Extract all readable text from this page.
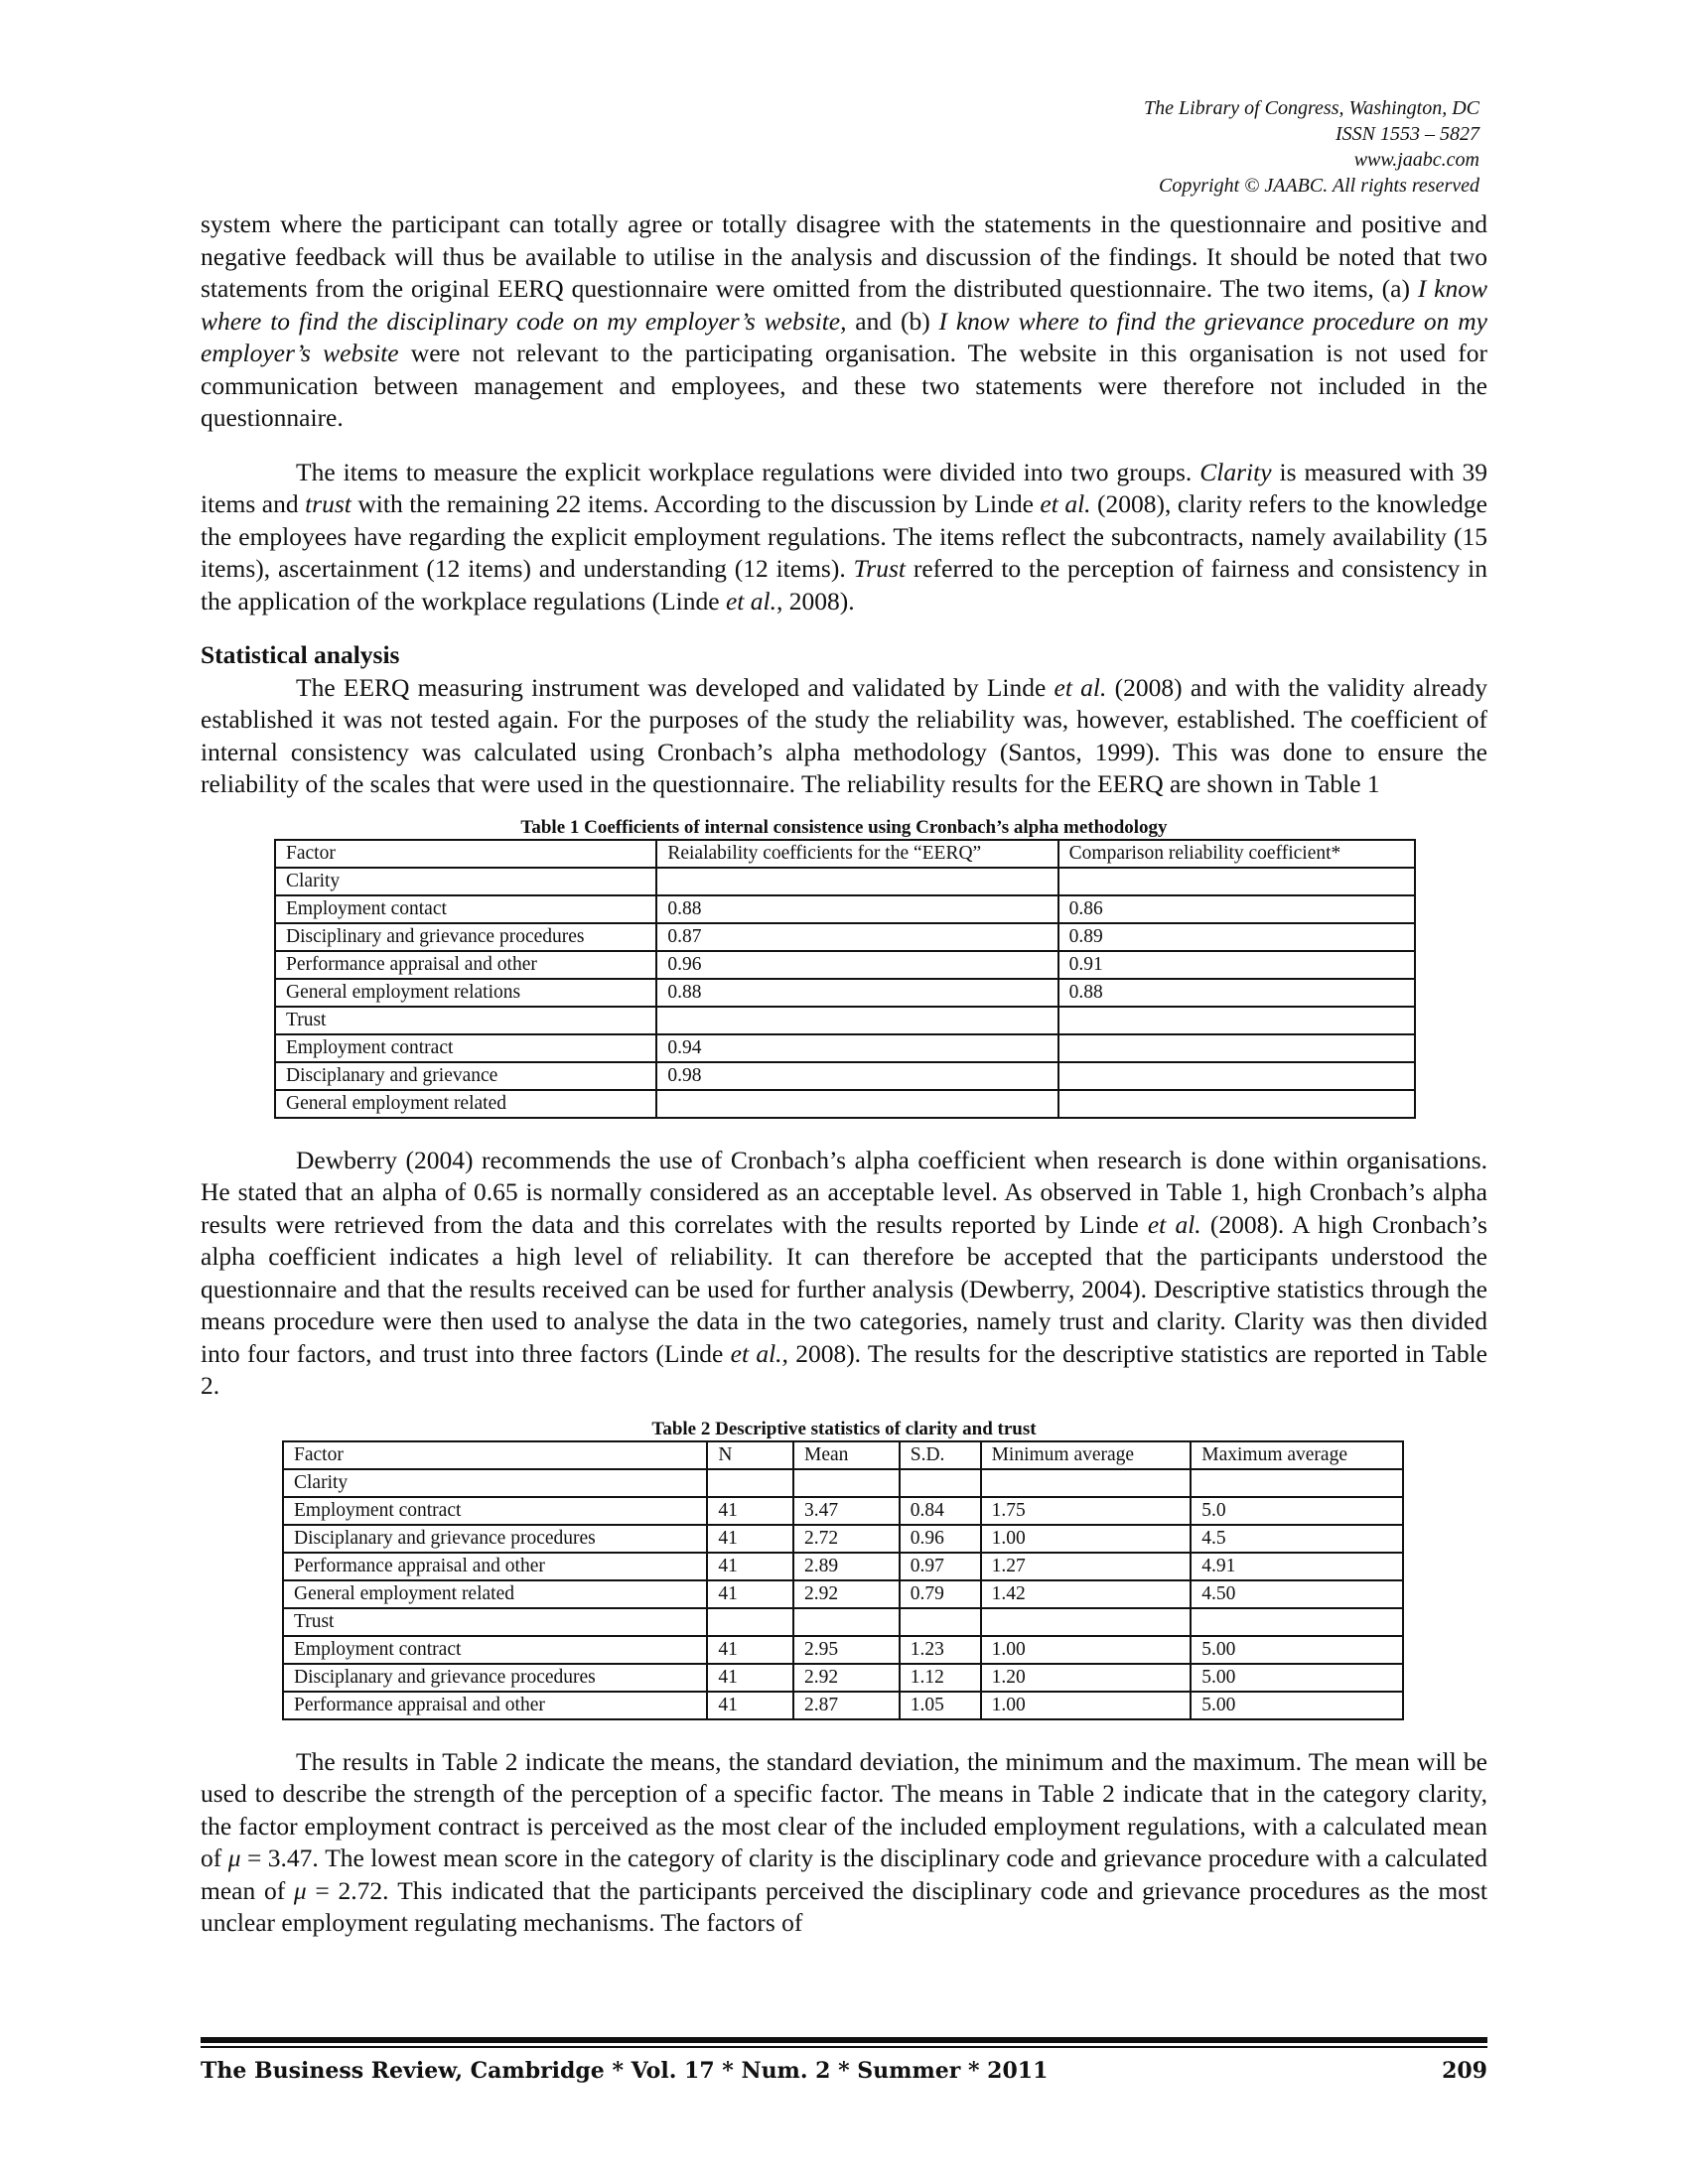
The Library of Congress, Washington, DC
ISSN 1553 – 5827
www.jaabc.com
Copyright © JAABC. All rights reserved

system where the participant can totally agree or totally disagree with the statements in the questionnaire and positive and negative feedback will thus be available to utilise in the analysis and discussion of the findings. It should be noted that two statements from the original EERQ questionnaire were omitted from the distributed questionnaire. The two items, (a) I know where to find the disciplinary code on my employer’s website, and (b) I know where to find the grievance procedure on my employer’s website were not relevant to the participating organisation. The website in this organisation is not used for communication between management and employees, and these two statements were therefore not included in the questionnaire.

The items to measure the explicit workplace regulations were divided into two groups. Clarity is measured with 39 items and trust with the remaining 22 items. According to the discussion by Linde et al. (2008), clarity refers to the knowledge the employees have regarding the explicit employment regulations. The items reflect the subcontracts, namely availability (15 items), ascertainment (12 items) and understanding (12 items). Trust referred to the perception of fairness and consistency in the application of the workplace regulations (Linde et al., 2008).

Statistical analysis

The EERQ measuring instrument was developed and validated by Linde et al. (2008) and with the validity already established it was not tested again. For the purposes of the study the reliability was, however, established. The coefficient of internal consistency was calculated using Cronbach’s alpha methodology (Santos, 1999). This was done to ensure the reliability of the scales that were used in the questionnaire. The reliability results for the EERQ are shown in Table 1

Table 1 Coefficients of internal consistence using Cronbach’s alpha methodology
Factor	Reialability coefficients for the “EERQ”	Comparison reliability coefficient*
Clarity		
Employment contact	0.88	0.86
Disciplinary and grievance procedures	0.87	0.89
Performance appraisal and other	0.96	0.91
General employment relations	0.88	0.88
Trust		
Employment contract	0.94	
Disciplanary and grievance	0.98	
General employment related		

Dewberry (2004) recommends the use of Cronbach’s alpha coefficient when research is done within organisations. He stated that an alpha of 0.65 is normally considered as an acceptable level. As observed in Table 1, high Cronbach’s alpha results were retrieved from the data and this correlates with the results reported by Linde et al. (2008). A high Cronbach’s alpha coefficient indicates a high level of reliability. It can therefore be accepted that the participants understood the questionnaire and that the results received can be used for further analysis (Dewberry, 2004). Descriptive statistics through the means procedure were then used to analyse the data in the two categories, namely trust and clarity. Clarity was then divided into four factors, and trust into three factors (Linde et al., 2008). The results for the descriptive statistics are reported in Table 2.

Table 2 Descriptive statistics of clarity and trust
Factor	N	Mean	S.D.	Minimum average	Maximum average
Clarity					
Employment contract	41	3.47	0.84	1.75	5.0
Disciplanary and grievance procedures	41	2.72	0.96	1.00	4.5
Performance appraisal and other	41	2.89	0.97	1.27	4.91
General employment related	41	2.92	0.79	1.42	4.50
Trust					
Employment contract	41	2.95	1.23	1.00	5.00
Disciplanary and grievance procedures	41	2.92	1.12	1.20	5.00
Performance appraisal and other	41	2.87	1.05	1.00	5.00

The results in Table 2 indicate the means, the standard deviation, the minimum and the maximum. The mean will be used to describe the strength of the perception of a specific factor. The means in Table 2 indicate that in the category clarity, the factor employment contract is perceived as the most clear of the included employment regulations, with a calculated mean of μ = 3.47. The lowest mean score in the category of clarity is the disciplinary code and grievance procedure with a calculated mean of μ = 2.72. This indicated that the participants perceived the disciplinary code and grievance procedures as the most unclear employment regulating mechanisms. The factors of

The Business Review, Cambridge * Vol. 17 * Num. 2 * Summer * 2011	209
